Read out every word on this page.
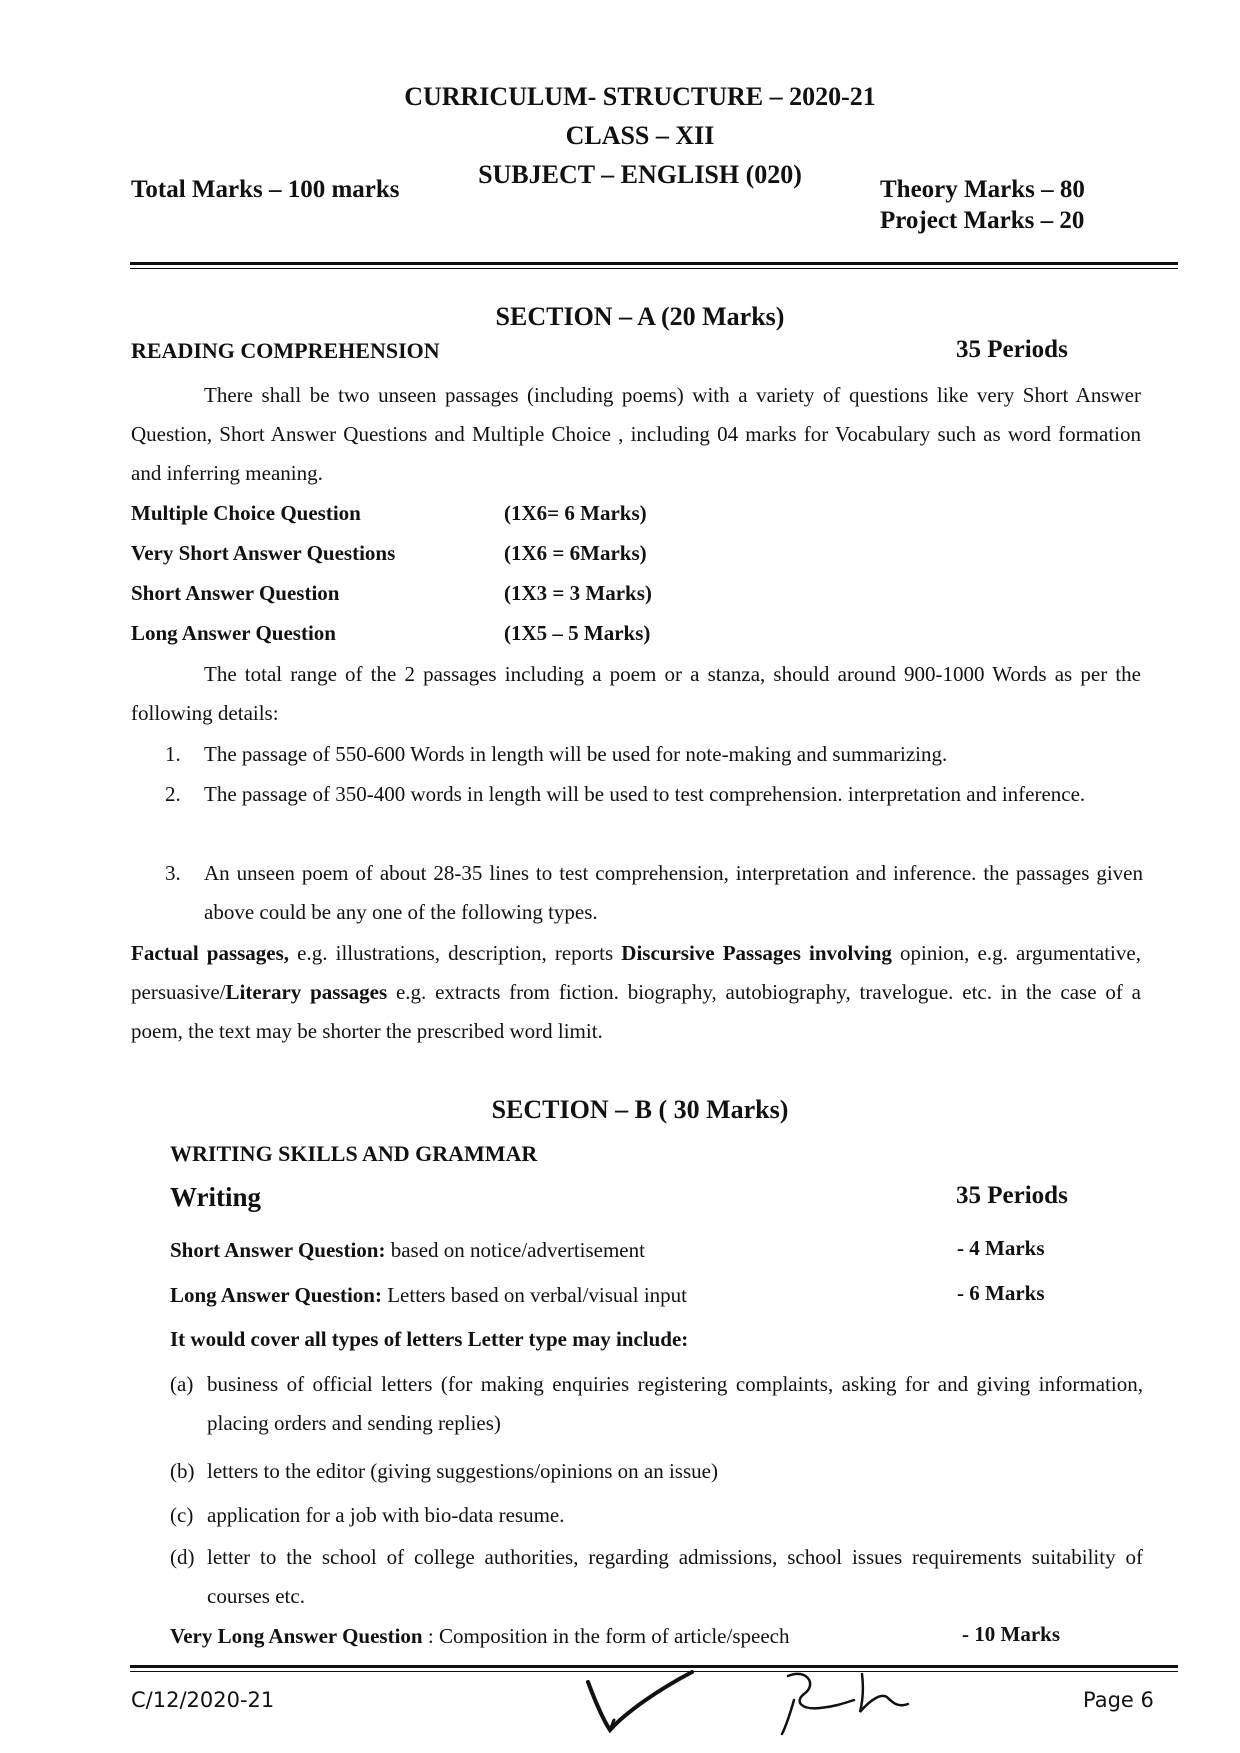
CURRICULUM- STRUCTURE – 2020-21
CLASS – XII
SUBJECT – ENGLISH (020)
Total Marks – 100 marks	Theory Marks – 80
Project Marks – 20
SECTION – A (20 Marks)
READING COMPREHENSION	35 Periods
There shall be two unseen passages (including poems) with a variety of questions like very Short Answer Question, Short Answer Questions and Multiple Choice , including 04 marks for Vocabulary such as word formation and inferring meaning.
Multiple Choice Question	(1X6= 6 Marks)
Very Short Answer Questions	(1X6 = 6Marks)
Short Answer Question	(1X3 = 3 Marks)
Long Answer Question	(1X5 – 5 Marks)
The total range of the 2 passages including a poem or a stanza, should around 900-1000 Words as per the following details:
1. The passage of 550-600 Words in length will be used for note-making and summarizing.
2. The passage of 350-400 words in length will be used to test comprehension. interpretation and inference.
3. An unseen poem of about 28-35 lines to test comprehension, interpretation and inference. the passages given above could be any one of the following types.
Factual passages, e.g. illustrations, description, reports Discursive Passages involving opinion, e.g. argumentative, persuasive/Literary passages e.g. extracts from fiction. biography, autobiography, travelogue. etc. in the case of a poem, the text may be shorter the prescribed word limit.
SECTION – B ( 30 Marks)
WRITING SKILLS AND GRAMMAR
Writing	35 Periods
Short Answer Question: based on notice/advertisement	- 4 Marks
Long Answer Question: Letters based on verbal/visual input	- 6 Marks
It would cover all types of letters Letter type may include:
(a) business of official letters (for making enquiries registering complaints, asking for and giving information, placing orders and sending replies)
(b) letters to the editor (giving suggestions/opinions on an issue)
(c) application for a job with bio-data resume.
(d) letter to the school of college authorities, regarding admissions, school issues requirements suitability of courses etc.
Very Long Answer Question : Composition in the form of article/speech	- 10 Marks
C/12/2020-21	Page 6
